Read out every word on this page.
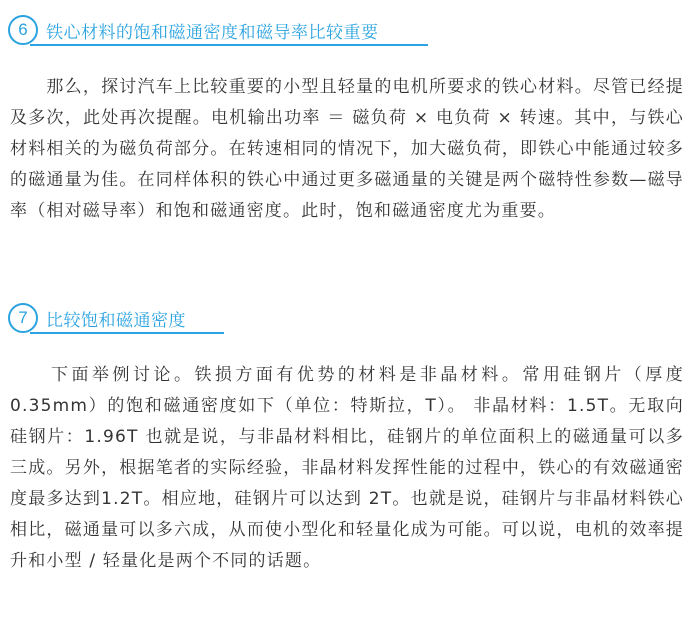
6 铁心材料的饱和磁通密度和磁导率比较重要

　　那么，探讨汽车上比较重要的小型且轻量的电机所要求的铁心材料。尽管已经提及多次，此处再次提醒。电机输出功率 ＝ 磁负荷 × 电负荷 × 转速。其中，与铁心材料相关的为磁负荷部分。在转速相同的情况下，加大磁负荷，即铁心中能通过较多的磁通量为佳。在同样体积的铁心中通过更多磁通量的关键是两个磁特性参数—磁导率（相对磁导率）和饱和磁通密度。此时，饱和磁通密度尤为重要。

7 比较饱和磁通密度

　　下面举例讨论。铁损方面有优势的材料是非晶材料。常用硅钢片（厚度0.35mm）的饱和磁通密度如下（单位：特斯拉，T）。 非晶材料：1.5T。无取向硅钢片：1.96T 也就是说，与非晶材料相比，硅钢片的单位面积上的磁通量可以多三成。另外，根据笔者的实际经验，非晶材料发挥性能的过程中，铁心的有效磁通密度最多达到1.2T。相应地，硅钢片可以达到 2T。也就是说，硅钢片与非晶材料铁心相比，磁通量可以多六成，从而使小型化和轻量化成为可能。可以说，电机的效率提升和小型 / 轻量化是两个不同的话题。
